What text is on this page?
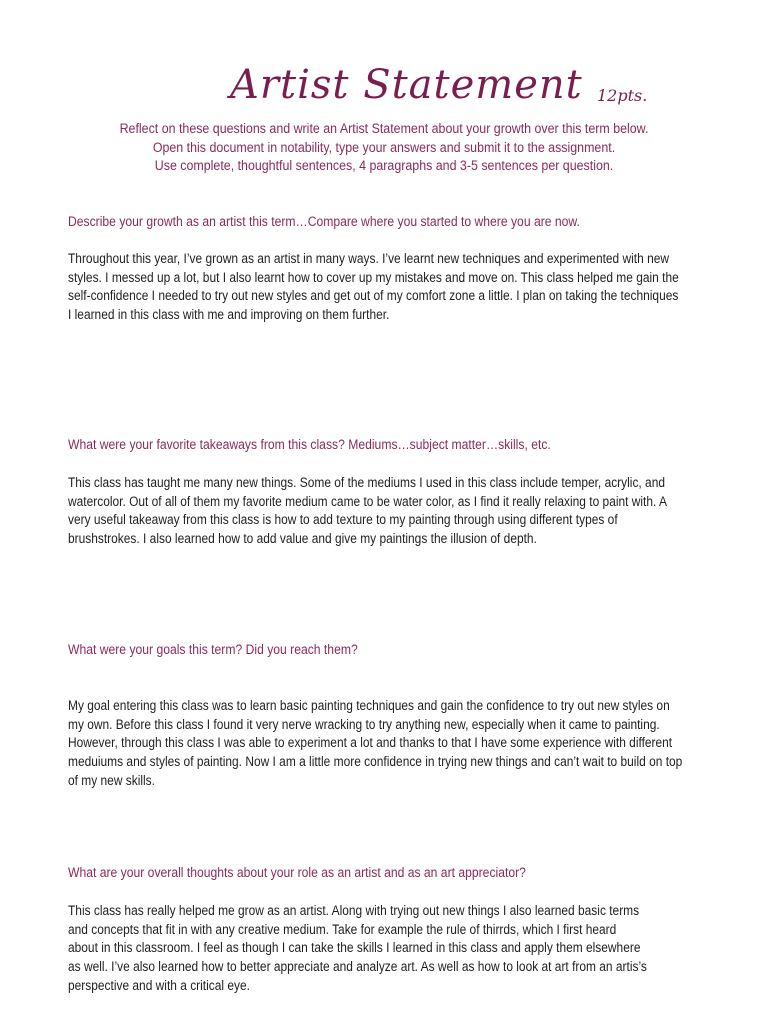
Artist Statement 12pts.
Reflect on these questions and write an Artist Statement about your growth over this term below.
Open this document in notability, type your answers and submit it to the assignment.
Use complete, thoughtful sentences, 4 paragraphs and 3-5 sentences per question.
Describe your growth as an artist this term…Compare where you started to where you are now.
Throughout this year, I’ve grown as an artist in many ways. I’ve learnt new techniques and experimented with new
styles. I messed up a lot, but I also learnt how to cover up my mistakes and move on. This class helped me gain the
self-confidence I needed to try out new styles and get out of my comfort zone a little. I plan on taking the techniques
I learned in this class with me and improving on them further.
What were your favorite takeaways from this class? Mediums…subject matter…skills, etc.
This class has taught me many new things. Some of the mediums I used in this class include temper, acrylic, and
watercolor. Out of all of them my favorite medium came to be water color, as I find it really relaxing to paint with. A
very useful takeaway from this class is how to add texture to my painting through using different types of
brushstrokes. I also learned how to add value and give my paintings the illusion of depth.
What were your goals this term? Did you reach them?
My goal entering this class was to learn basic painting techniques and gain the confidence to try out new styles on
my own. Before this class I found it very nerve wracking to try anything new, especially when it came to painting.
However, through this class I was able to experiment a lot and thanks to that I have some experience with different
meduiums and styles of painting. Now I am a little more confidence in trying new things and can’t wait to build on top
of my new skills.
What are your overall thoughts about your role as an artist and as an art appreciator?
This class has really helped me grow as an artist. Along with trying out new things I also learned basic terms
and concepts that fit in with any creative medium. Take for example the rule of thirrds, which I first heard
about in this classroom. I feel as though I can take the skills I learned in this class and apply them elsewhere
as well. I’ve also learned how to better appreciate and analyze art. As well as how to look at art from an artis’s
perspective and with a critical eye.
